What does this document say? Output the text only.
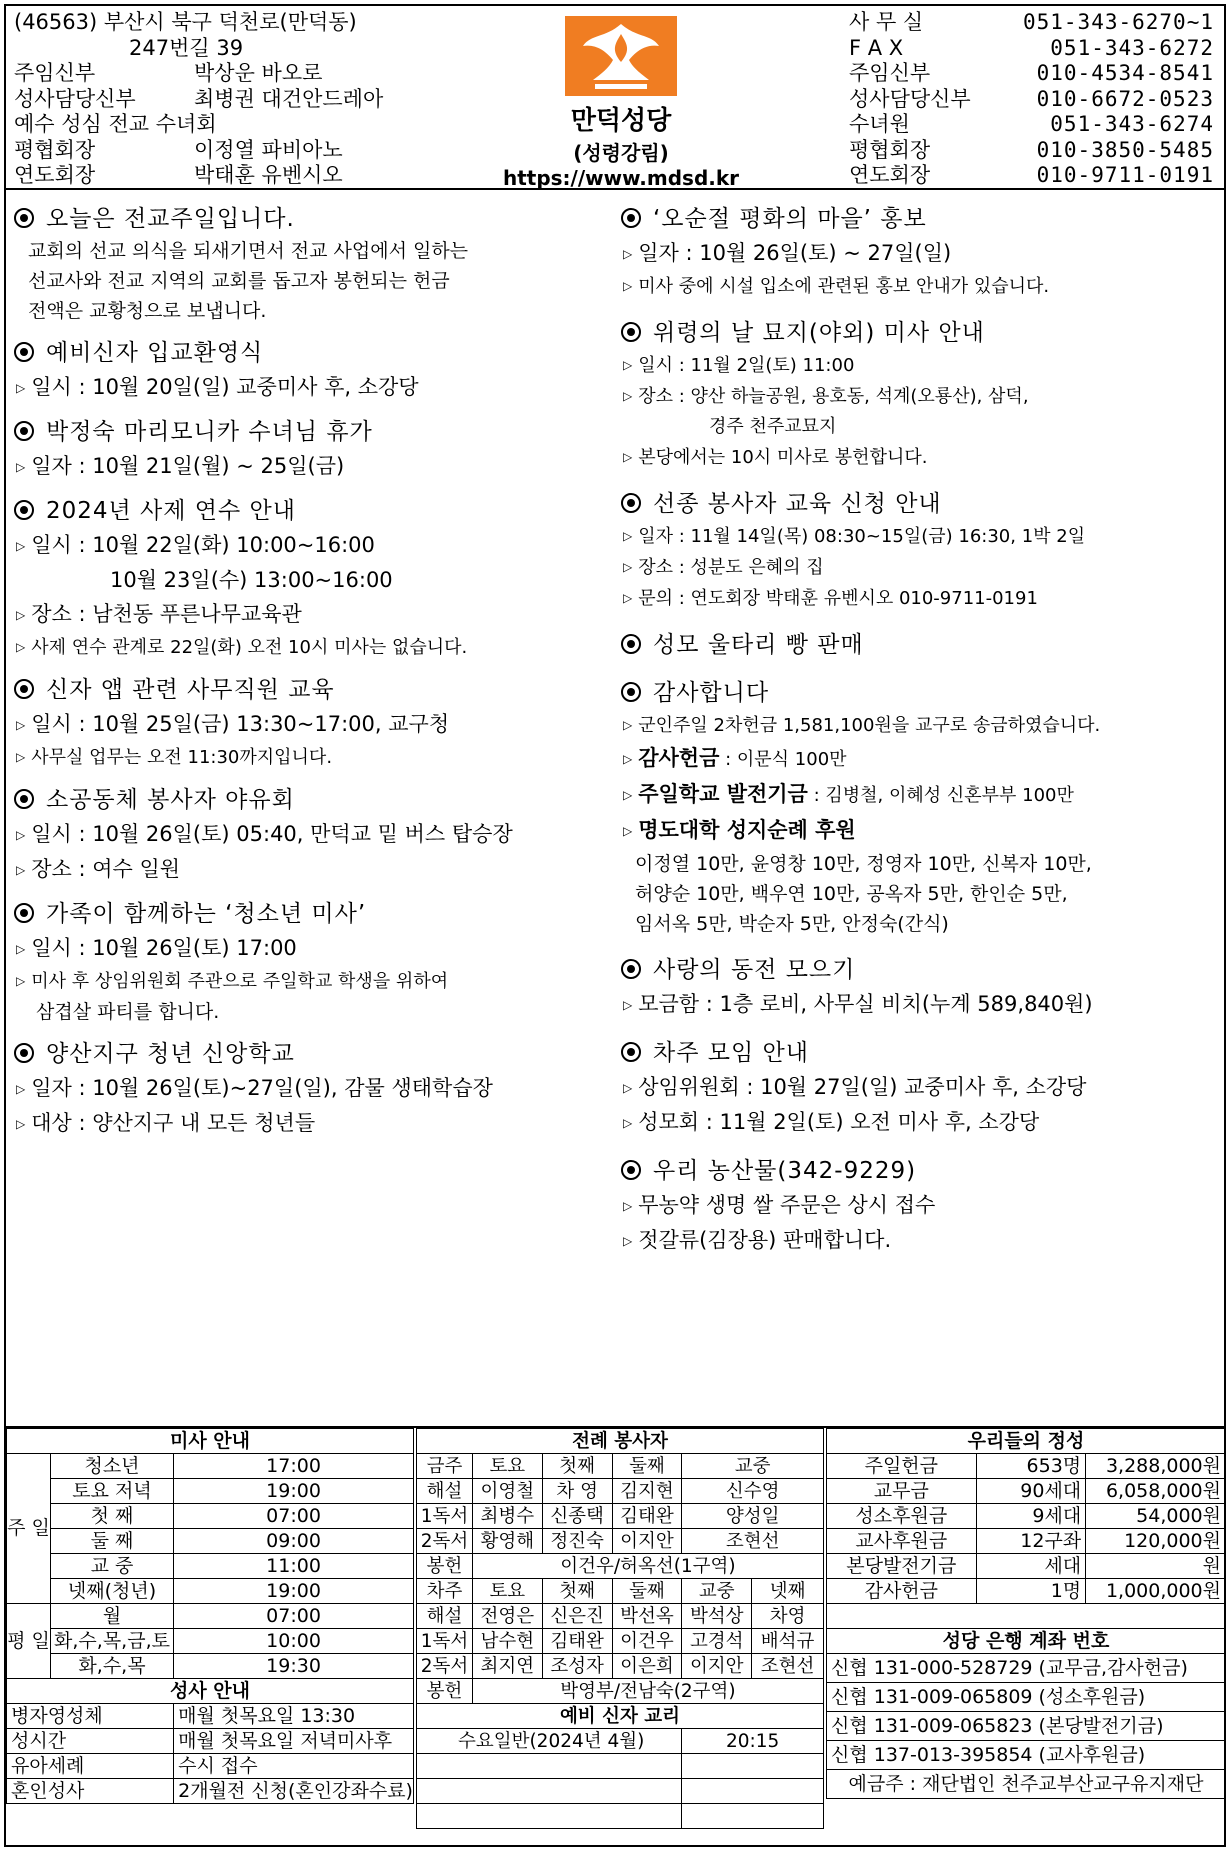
(46563) 부산시 북구 덕천로(만덕동)
247번길 39
주임신부	박상운 바오로
성사담당신부	최병권 대건안드레아
예수 성심 전교 수녀회
평협회장	이정열 파비아노
연도회장	박태훈 유벤시오
만덕성당
(성령강림)
https://www.mdsd.kr
사 무 실	051-343-6270~1
F A X	051-343-6272
주임신부	010-4534-8541
성사담당신부	010-6672-0523
수녀원	051-343-6274
평협회장	010-3850-5485
연도회장	010-9711-0191
오늘은 전교주일입니다.
교회의 선교 의식을 되새기면서 전교 사업에서 일하는
선교사와 전교 지역의 교회를 돕고자 봉헌되는 헌금
전액은 교황청으로 보냅니다.
예비신자 입교환영식
▷ 일시 : 10월 20일(일) 교중미사 후, 소강당
박정숙 마리모니카 수녀님 휴가
▷ 일자 : 10월 21일(월) ~ 25일(금)
2024년 사제 연수 안내
▷ 일시 : 10월 22일(화) 10:00~16:00
10월 23일(수) 13:00~16:00
▷ 장소 : 남천동 푸른나무교육관
▷ 사제 연수 관계로 22일(화) 오전 10시 미사는 없습니다.
신자 앱 관련 사무직원 교육
▷ 일시 : 10월 25일(금) 13:30~17:00, 교구청
▷ 사무실 업무는 오전 11:30까지입니다.
소공동체 봉사자 야유회
▷ 일시 : 10월 26일(토) 05:40, 만덕교 밑 버스 탑승장
▷ 장소 : 여수 일원
가족이 함께하는 ‘청소년 미사’
▷ 일시 : 10월 26일(토) 17:00
▷ 미사 후 상임위원회 주관으로 주일학교 학생을 위하여
삼겹살 파티를 합니다.
양산지구 청년 신앙학교
▷ 일자 : 10월 26일(토)~27일(일), 감물 생태학습장
▷ 대상 : 양산지구 내 모든 청년들
‘오순절 평화의 마을’ 홍보
▷ 일자 : 10월 26일(토) ~ 27일(일)
▷ 미사 중에 시설 입소에 관련된 홍보 안내가 있습니다.
위령의 날 묘지(야외) 미사 안내
▷ 일시 : 11월 2일(토) 11:00
▷ 장소 : 양산 하늘공원, 용호동, 석계(오룡산), 삼덕,
경주 천주교묘지
▷ 본당에서는 10시 미사로 봉헌합니다.
선종 봉사자 교육 신청 안내
▷ 일자 : 11월 14일(목) 08:30~15일(금) 16:30, 1박 2일
▷ 장소 : 성분도 은혜의 집
▷ 문의 : 연도회장 박태훈 유벤시오 010-9711-0191
성모 울타리 빵 판매
감사합니다
▷ 군인주일 2차헌금 1,581,100원을 교구로 송금하였습니다.
▷ 감사헌금 : 이문식 100만
▷ 주일학교 발전기금 : 김병철, 이혜성 신혼부부 100만
▷ 명도대학 성지순례 후원
이정열 10만, 윤영창 10만, 정영자 10만, 신복자 10만,
허양순 10만, 백우연 10만, 공옥자 5만, 한인순 5만,
임서옥 5만, 박순자 5만, 안정숙(간식)
사랑의 동전 모으기
▷ 모금함 : 1층 로비, 사무실 비치(누계 589,840원)
차주 모임 안내
▷ 상임위원회 : 10월 27일(일) 교중미사 후, 소강당
▷ 성모회 : 11월 2일(토) 오전 미사 후, 소강당
우리 농산물(342-9229)
▷ 무농약 생명 쌀 주문은 상시 접수
▷ 젓갈류(김장용) 판매합니다.
미사 안내		
주 일	청소년	17:00
	토요 저녁	19:00
	첫 째	07:00
	둘 째	09:00
	교 중	11:00
	넷째(청년)	19:00
평 일	월	07:00
	화,수,목,금,토	10:00
	화,수,목	19:30
성사 안내		
병자영성체		매월 첫목요일 13:30
성시간		매월 첫목요일 저녁미사후
유아세례		수시 접수
혼인성사		2개월전 신청(혼인강좌수료)
전례 봉사자					
금주	토요	첫째	둘째	교중	
해설	이영철	차 영	김지현	신수영	
1독서	최병수	신종택	김태완	양성일	
2독서	황영해	정진숙	이지안	조현선	
봉헌	이건우/허옥선(1구역)				
차주	토요	첫째	둘째	교중	넷째
해설	전영은	신은진	박선옥	박석상	차영
1독서	남수현	김태완	이건우	고경석	배석규
2독서	최지연	조성자	이은희	이지안	조현선
봉헌	박영부/전남숙(2구역)				
예비 신자 교리					
수요일반(2024년 4월)				20:15	

우리들의 정성		
주일헌금	653명	3,288,000원
교무금	90세대	6,058,000원
성소후원금	9세대	54,000원
교사후원금	12구좌	120,000원
본당발전기금	세대	원
감사헌금	1명	1,000,000원

성당 은행 계좌 번호		
신협 131-000-528729 (교무금,감사헌금)		
신협 131-009-065809 (성소후원금)		
신협 131-009-065823 (본당발전기금)		
신협 137-013-395854 (교사후원금)		
예금주 : 재단법인 천주교부산교구유지재단		
